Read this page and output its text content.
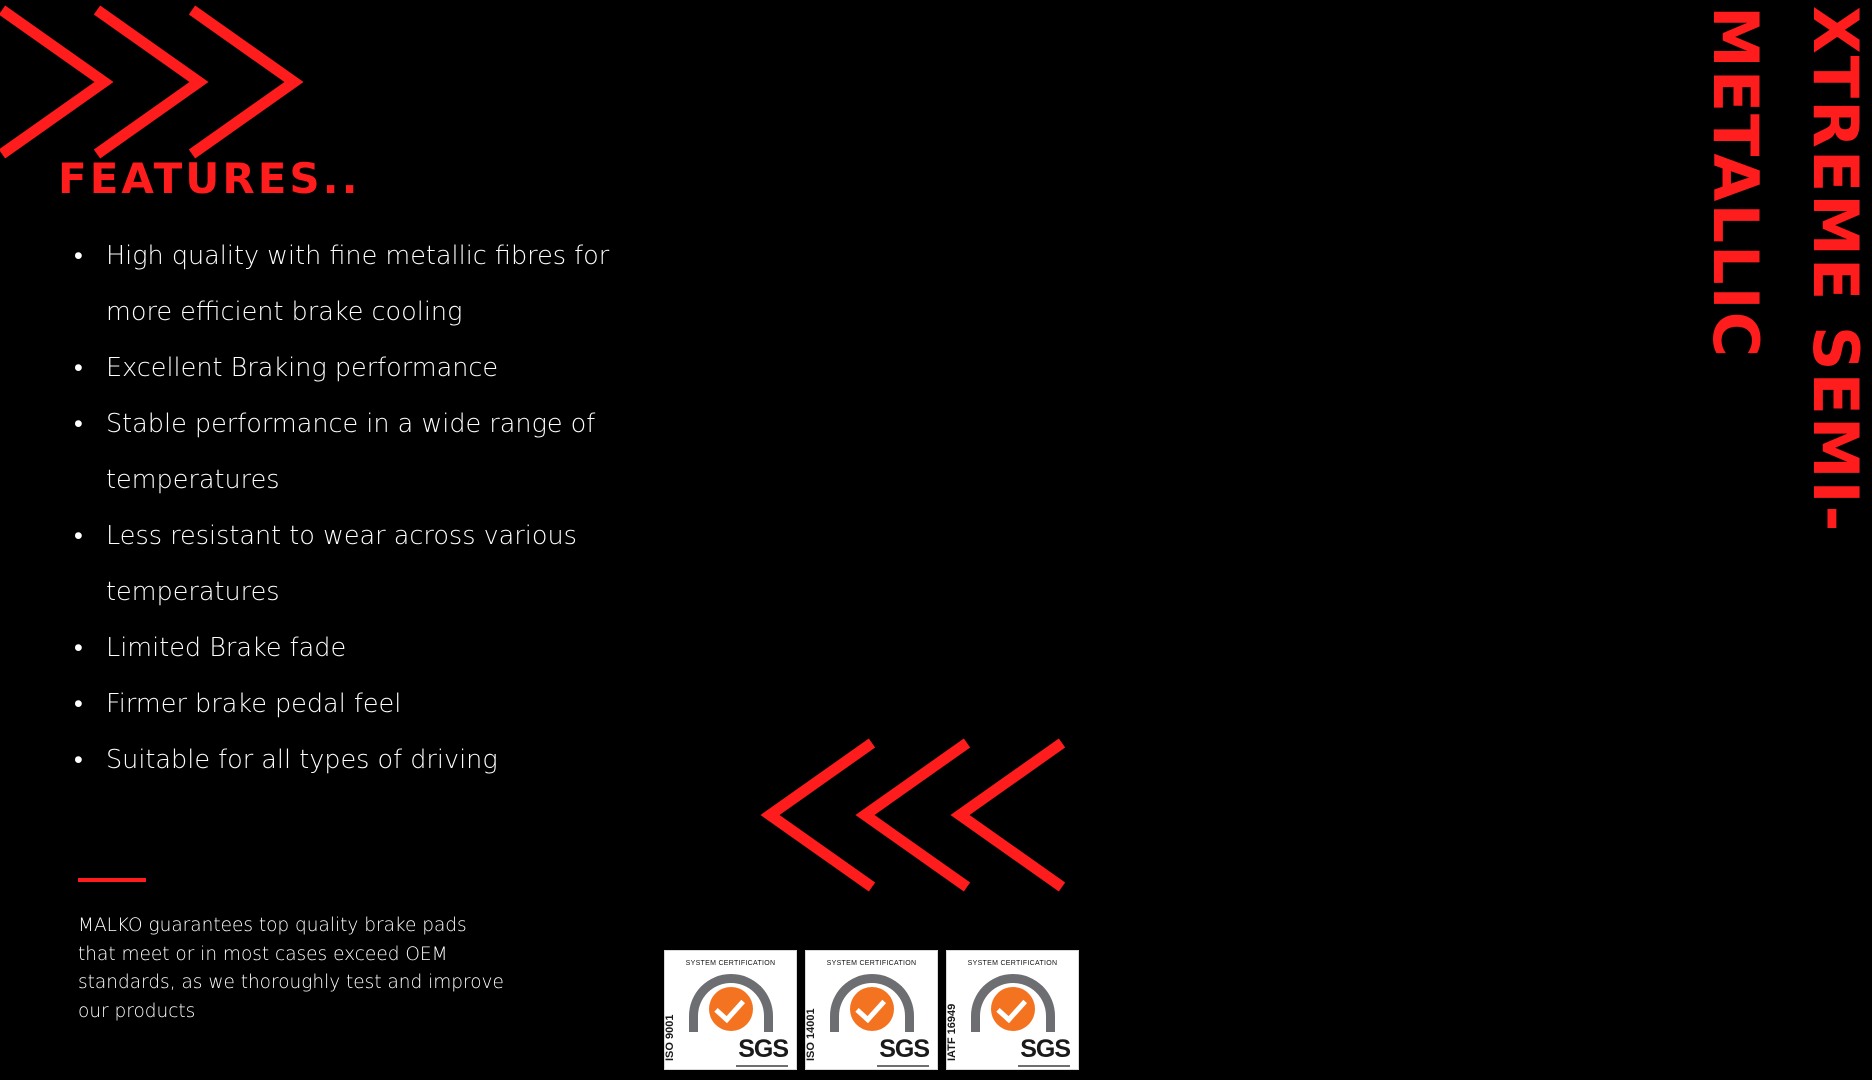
FEATURES..
• High quality with fine metallic fibres for more efficient brake cooling
• Excellent Braking performance
• Stable performance in a wide range of temperatures
• Less resistant to wear across various temperatures
• Limited Brake fade
• Firmer brake pedal feel
• Suitable for all types of driving
MALKO guarantees top quality brake pads that meet or in most cases exceed OEM standards, as we thoroughly test and improve our products
XTREME SEMI-
METALLIC
SYSTEM CERTIFICATION
ISO 9001 SGS
SYSTEM CERTIFICATION
ISO 14001 SGS
SYSTEM CERTIFICATION
IATF 16949 SGS
